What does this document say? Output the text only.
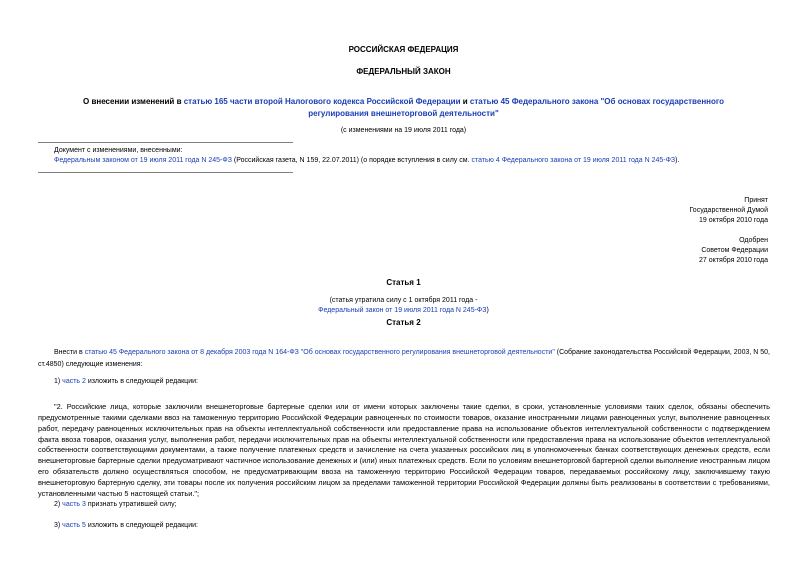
РОССИЙСКАЯ ФЕДЕРАЦИЯ
ФЕДЕРАЛЬНЫЙ ЗАКОН
О внесении изменений в статью 165 части второй Налогового кодекса Российской Федерации и статью 45 Федерального закона "Об основах государственного
регулирования внешнеторговой деятельности"
(с изменениями на 19 июля 2011 года)
Документ с изменениями, внесенными:
Федеральным законом от 19 июля 2011 года N 245-ФЗ (Российская газета, N 159, 22.07.2011) (о порядке вступления в силу см. статью 4 Федерального закона от 19 июля 2011 года N 245-ФЗ).
Принят
Государственной Думой
19 октября 2010 года
Одобрен
Советом Федерации
27 октября 2010 года
Статья 1
(статья утратила силу с 1 октября 2011 года -
Федеральный закон от 19 июля 2011 года N 245-ФЗ)
Статья 2
Внести в статью 45 Федерального закона от 8 декабря 2003 года N 164-ФЗ "Об основах государственного регулирования внешнеторговой деятельности" (Собрание законодательства Российской Федерации, 2003, N 50, ст.4850) следующие изменения:
1) часть 2 изложить в следующей редакции:
"2. Российские лица, которые заключили внешнеторговые бартерные сделки или от имени которых заключены такие сделки, в сроки, установленные условиями таких сделок, обязаны обеспечить предусмотренные такими сделками ввоз на таможенную территорию Российской Федерации равноценных по стоимости товаров, оказание иностранными лицами равноценных услуг, выполнение равноценных работ, передачу равноценных исключительных прав на объекты интеллектуальной собственности или предоставление права на использование объектов интеллектуальной собственности с подтверждением факта ввоза товаров, оказания услуг, выполнения работ, передачи исключительных прав на объекты интеллектуальной собственности или предоставления права на использование объектов интеллектуальной собственности соответствующими документами, а также получение платежных средств и зачисление на счета указанных российских лиц в уполномоченных банках соответствующих денежных средств, если внешнеторговые бартерные сделки предусматривают частичное использование денежных и (или) иных платежных средств. Если по условиям внешнеторговой бартерной сделки выполнение иностранным лицом его обязательств должно осуществляться способом, не предусматривающим ввоза на таможенную территорию Российской Федерации товаров, передаваемых российскому лицу, заключившему такую внешнеторговую бартерную сделку, эти товары после их получения российским лицом за пределами таможенной территории Российской Федерации должны быть реализованы в соответствии с требованиями, установленными частью 5 настоящей статьи.";
2) часть 3 признать утратившей силу;
3) часть 5 изложить в следующей редакции:
